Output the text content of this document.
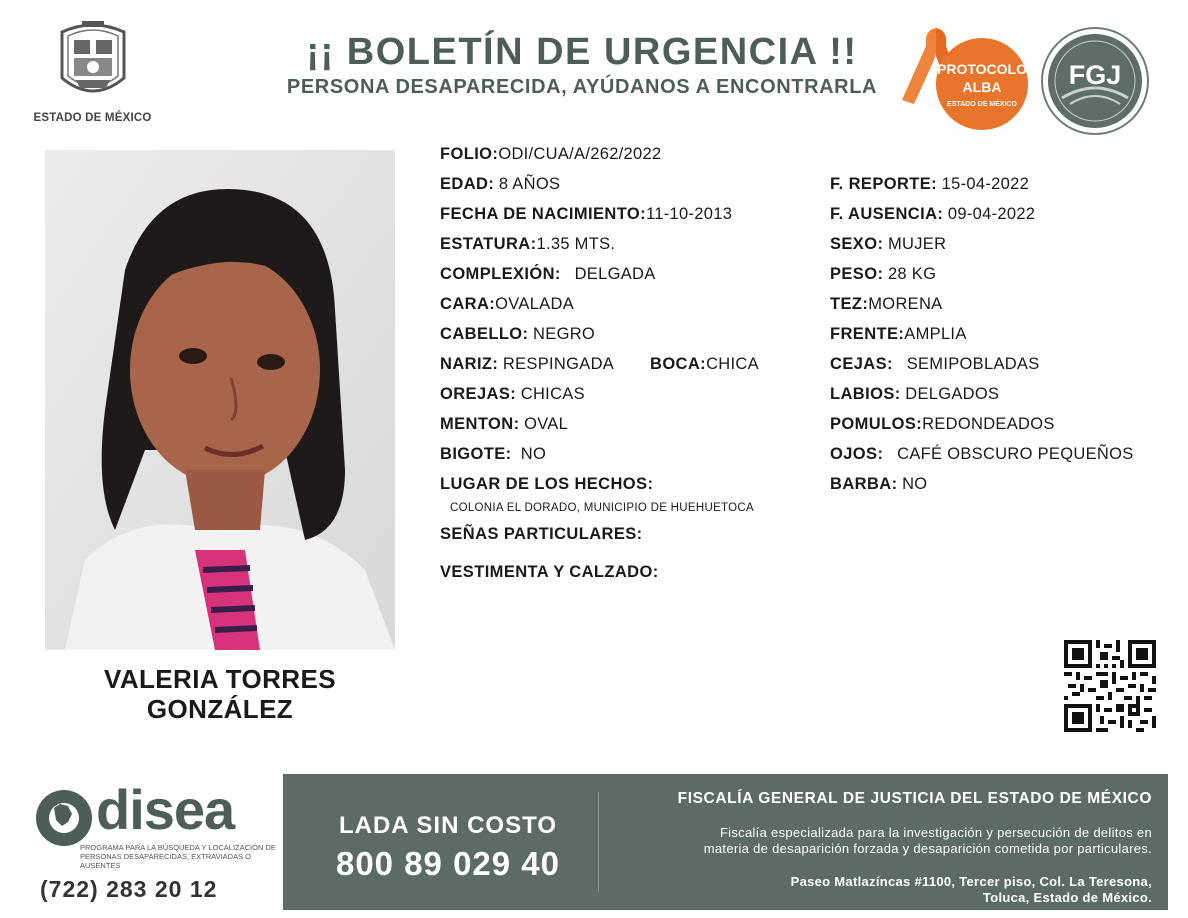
ESTADO DE MÉXICO
¡¡ BOLETÍN DE URGENCIA !!
PERSONA DESAPARECIDA, AYÚDANOS A ENCONTRARLA
PROTOCOLO
ALBA
ESTADO DE MÉXICO
FGJ
VALERIA TORRES
GONZÁLEZ
FOLIO:ODI/CUA/A/262/2022
EDAD: 8 AÑOS
FECHA DE NACIMIENTO:11-10-2013
ESTATURA:1.35 MTS.
COMPLEXIÓN: DELGADA
CARA:OVALADA
CABELLO: NEGRO
NARIZ: RESPINGADA BOCA:CHICA
OREJAS: CHICAS
MENTON: OVAL
BIGOTE: NO
LUGAR DE LOS HECHOS:
COLONIA EL DORADO, MUNICIPIO DE HUEHUETOCA
SEÑAS PARTICULARES:
VESTIMENTA Y CALZADO:
F. REPORTE: 15-04-2022
F. AUSENCIA: 09-04-2022
SEXO: MUJER
PESO: 28 KG
TEZ:MORENA
FRENTE:AMPLIA
CEJAS: SEMIPOBLADAS
LABIOS: DELGADOS
POMULOS:REDONDEADOS
OJOS: CAFÉ OBSCURO PEQUEÑOS
BARBA: NO
disea
PROGRAMA PARA LA BÚSQUEDA Y LOCALIZACIÓN DE PERSONAS DESAPARECIDAS, EXTRAVIADAS O AUSENTES
(722) 283 20 12
LADA SIN COSTO
800 89 029 40
FISCALÍA GENERAL DE JUSTICIA DEL ESTADO DE MÉXICO
Fiscalía especializada para la investigación y persecución de delitos en
materia de desaparición forzada y desaparición cometida por particulares.
Paseo Matlazíncas #1100, Tercer piso, Col. La Teresona,
Toluca, Estado de México.
